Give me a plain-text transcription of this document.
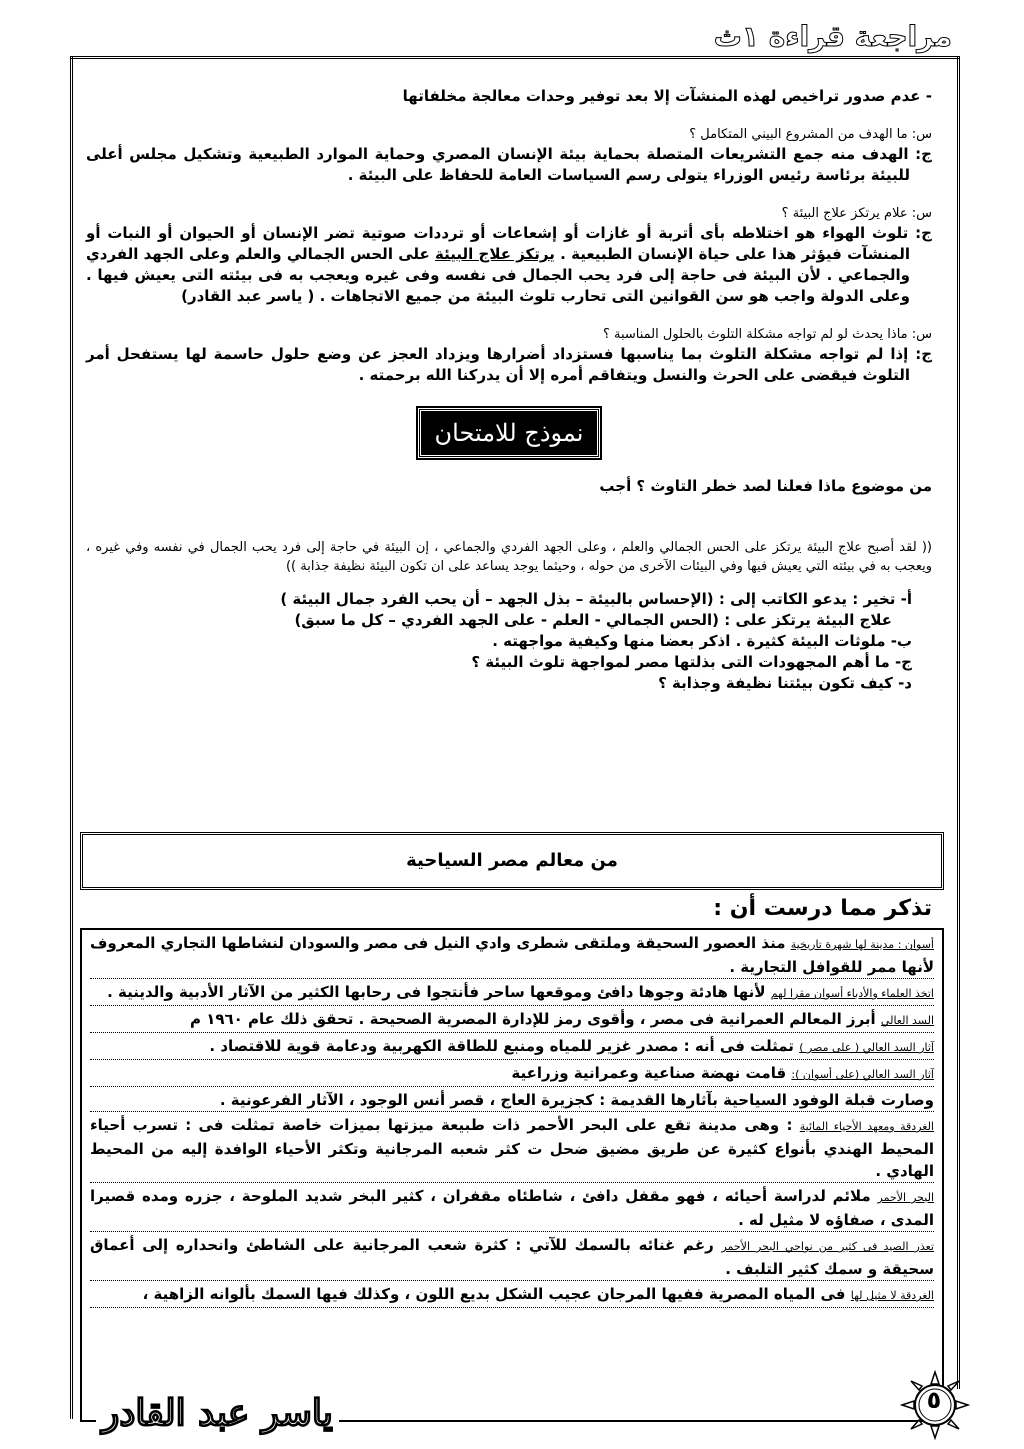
مراجعة قراءة ١ث

- عدم صدور تراخيص لهذه المنشآت إلا بعد توفير وحدات معالجة مخلفاتها

س: ما الهدف من المشروع البيني المتكامل ؟

ج: الهدف منه جمع التشريعات المتصلة بحماية بيئة الإنسان المصري وحماية الموارد الطبيعية وتشكيل مجلس أعلى للبيئة برئاسة رئيس الوزراء يتولى رسم السياسات العامة للحفاظ على البيئة .

س: علام يرتكز علاج البيئة ؟

ج: تلوث الهواء هو اختلاطه بأى أتربة أو غازات أو إشعاعات أو ترددات صوتية تضر الإنسان أو الحيوان أو النبات أو المنشآت فيؤثر هذا على حياة الإنسان الطبيعية . يرتكز علاج البيئة على الحس الجمالي والعلم وعلى الجهد الفردي والجماعي . لأن البيئة فى حاجة إلى فرد يحب الجمال فى نفسه وفى غيره ويعجب به فى بيئته التى يعيش فيها . وعلى الدولة واجب هو سن القوانين التى تحارب تلوث البيئة من جميع الاتجاهات . ( ياسر عبد القادر)

س: ماذا يحدث لو لم تواجه مشكلة التلوث بالحلول المناسبة ؟

ج: إذا لم تواجه مشكلة التلوث بما يناسبها فستزداد أضرارها ويزداد العجز عن وضع حلول حاسمة لها يستفحل أمر التلوث فيقضى على الحرث والنسل ويتفاقم أمره إلا أن يدركنا الله برحمته .

نموذج للامتحان

من موضوع ماذا فعلنا لصد خطر التاوث ؟ أجب

(( لقد أصبح علاج البيئة يرتكز على الحس الجمالي والعلم ، وعلى الجهد الفردي والجماعي ، إن البيئة في حاجة إلى فرد يحب الجمال في نفسه وفي غيره ، ويعجب به في بيئته التي يعيش فيها وفي البيئات الآخرى من حوله ، وحيثما يوجد يساعد على ان تكون البيئة نظيفة جذابة ))

أ- تخير : يدعو الكاتب إلى : (الإحساس بالبيئة – بذل الجهد – أن يحب الفرد جمال البيئة )

علاج البيئة يرتكز على : (الحس الجمالي - العلم - على الجهد الفردي – كل ما سبق)

ب- ملوثات البيئة كثيرة . اذكر بعضا منها وكيفية مواجهته .

ج- ما أهم المجهودات التى بذلتها مصر لمواجهة تلوث البيئة ؟

د- كيف تكون بيئتنا نظيفة وجذابة ؟

من معالم مصر السياحية
تذكر مما درست أن :

أسوان : مدينة لها شهرة تاريخية منذ العصور السحيقة وملتقى شطرى وادي النيل فى مصر والسودان لنشاطها التجاري المعروف لأنها ممر للقوافل التجارية .

اتخذ العلماء والأدباء أسوان مقرا لهم لأنها هادئة وجوها دافئ وموقعها ساحر فأنتجوا فى رحابها الكثير من الآثار الأدبية والدينية .

السد العالي أبرز المعالم العمرانية فى مصر ، وأقوى رمز للإدارة المصرية الصحيحة . تحقق ذلك عام ١٩٦٠ م

آثار السد العالي ( على مصر ) تمثلت فى أنه : مصدر غزير للمياه ومنبع للطاقة الكهربية ودعامة قوية للاقتصاد .

آثار السد العالي (على أسوان ): قامت نهضة صناعية وعمرانية وزراعية

وصارت قبلة الوفود السياحية بآثارها القديمة : كجزيرة العاج ، قصر أنس الوجود ، الآثار الفرعونية .

الغردقة ومعهد الأحياء المائية : وهى مدينة تقع على البحر الأحمر ذات طبيعة ميزتها بميزات خاصة تمثلت فى : تسرب أحياء المحيط الهندي بأنواع كثيرة عن طريق مضيق ضحل ت كثر شعبه المرجانية وتكثر الأحياء الوافدة إليه من المحيط الهادي .

البحر الأحمر ملائم لدراسة أحيائه ، فهو مقفل دافئ ، شاطئاه مقفران ، كثير البخر شديد الملوحة ، جزره ومده قصيرا المدى ، صفاؤه لا مثيل له .

تعذر الصيد فى كثير من نواحي البحر الأحمر رغم غنائه بالسمك للآتي : كثرة شعب المرجانية على الشاطئ وانحداره إلى أعماق سحيقة و سمك كثير التلبف .

الغردقة لا مثيل لها فى المياه المصرية ففيها المرجان عجيب الشكل بديع اللون ، وكذلك فيها السمك بألوانه الزاهية ،

ياسر عبد القادر	٥
